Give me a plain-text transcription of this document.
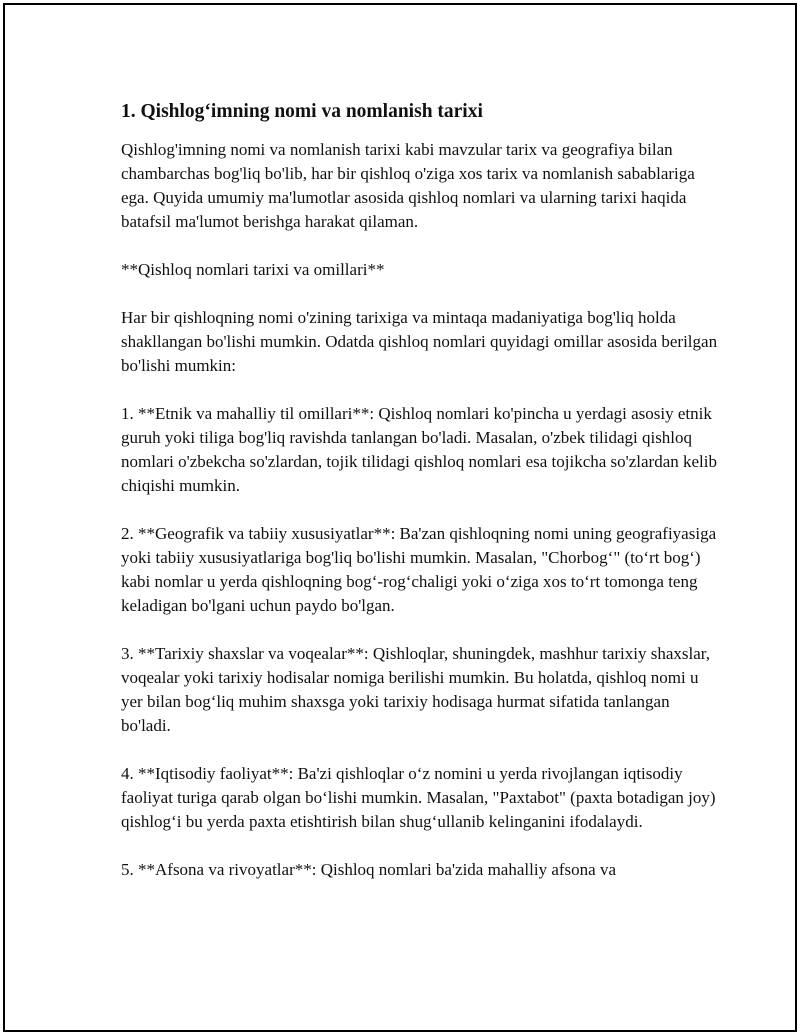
1. Qishlog‘imning nomi va nomlanish tarixi

Qishlog'imning nomi va nomlanish tarixi kabi mavzular tarix va geografiya bilan chambarchas bog'liq bo'lib, har bir qishloq o'ziga xos tarix va nomlanish sabablariga ega. Quyida umumiy ma'lumotlar asosida qishloq nomlari va ularning tarixi haqida batafsil ma'lumot berishga harakat qilaman.

**Qishloq nomlari tarixi va omillari**

Har bir qishloqning nomi o'zining tarixiga va mintaqa madaniyatiga bog'liq holda shakllangan bo'lishi mumkin. Odatda qishloq nomlari quyidagi omillar asosida berilgan bo'lishi mumkin:

1. **Etnik va mahalliy til omillari**: Qishloq nomlari ko'pincha u yerdagi asosiy etnik guruh yoki tiliga bog'liq ravishda tanlangan bo'ladi. Masalan, o'zbek tilidagi qishloq nomlari o'zbekcha so'zlardan, tojik tilidagi qishloq nomlari esa tojikcha so'zlardan kelib chiqishi mumkin.

2. **Geografik va tabiiy xususiyatlar**: Ba'zan qishloqning nomi uning geografiyasiga yoki tabiiy xususiyatlariga bog'liq bo'lishi mumkin. Masalan, "Chorbog‘" (to‘rt bog‘) kabi nomlar u yerda qishloqning bog‘-rog‘chaligi yoki o‘ziga xos to‘rt tomonga teng keladigan bo'lgani uchun paydo bo'lgan.

3. **Tarixiy shaxslar va voqealar**: Qishloqlar, shuningdek, mashhur tarixiy shaxslar, voqealar yoki tarixiy hodisalar nomiga berilishi mumkin. Bu holatda, qishloq nomi u yer bilan bog‘liq muhim shaxsga yoki tarixiy hodisaga hurmat sifatida tanlangan bo'ladi.

4. **Iqtisodiy faoliyat**: Ba'zi qishloqlar o‘z nomini u yerda rivojlangan iqtisodiy faoliyat turiga qarab olgan bo‘lishi mumkin. Masalan, "Paxtabot" (paxta botadigan joy) qishlog‘i bu yerda paxta etishtirish bilan shug‘ullanib kelinganini ifodalaydi.

5. **Afsona va rivoyatlar**: Qishloq nomlari ba'zida mahalliy afsona va
